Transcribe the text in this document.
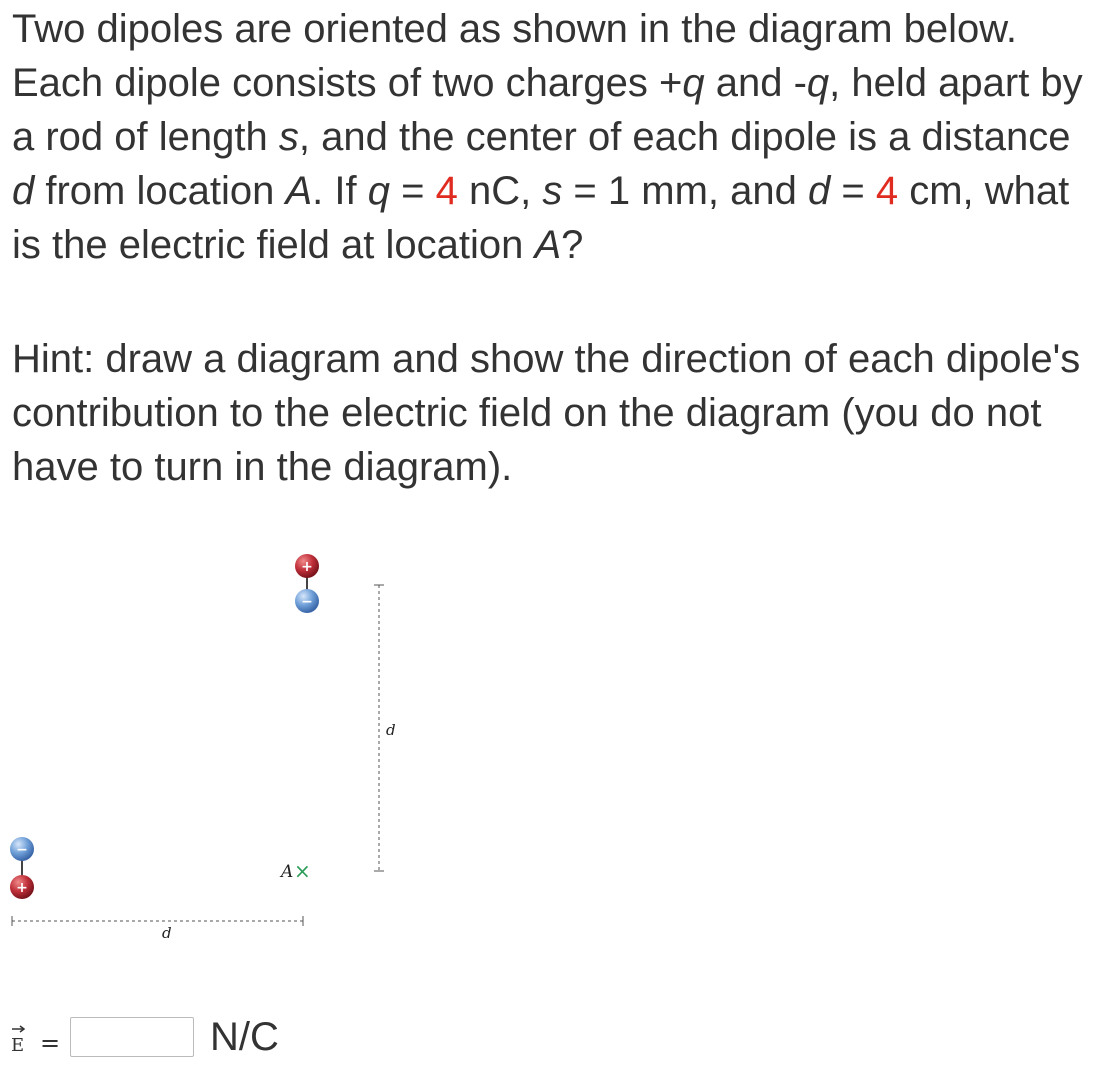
Two dipoles are oriented as shown in the diagram below. Each dipole consists of two charges +q and -q, held apart by a rod of length s, and the center of each dipole is a distance d from location A. If q = 4 nC, s = 1 mm, and d = 4 cm, what is the electric field at location A?

Hint: draw a diagram and show the direction of each dipole's contribution to the electric field on the diagram (you do not have to turn in the diagram).

+
−
−
+
d
d
A ×
E =	N/C
